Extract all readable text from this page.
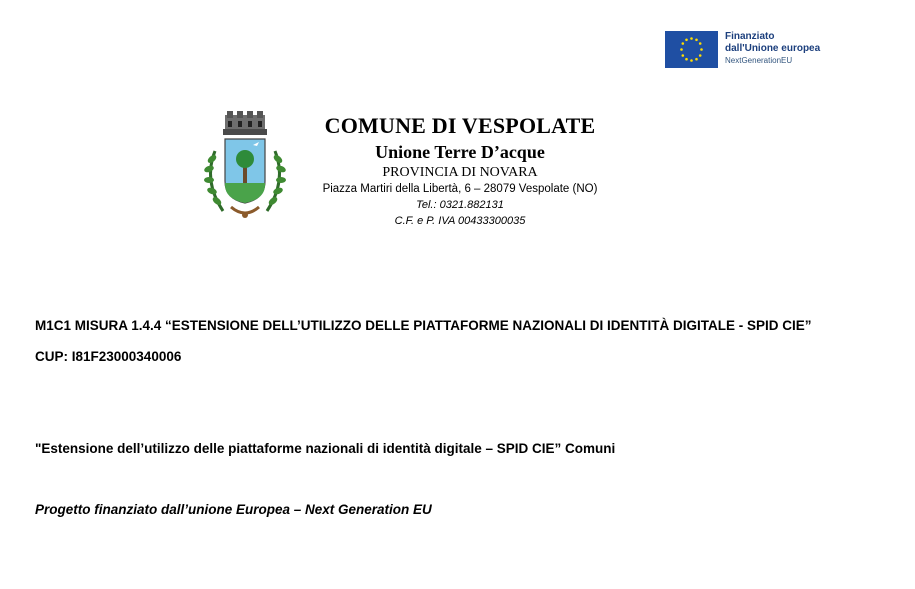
Finanziato
dall'Unione europea
NextGenerationEU
COMUNE DI VESPOLATE
Unione Terre D’acque
PROVINCIA DI NOVARA
Piazza Martiri della Libertà, 6 – 28079 Vespolate (NO)
Tel.: 0321.882131
C.F. e P. IVA 00433300035
M1C1 MISURA 1.4.4 “ESTENSIONE DELL’UTILIZZO DELLE PIATTAFORME NAZIONALI DI IDENTITÀ DIGITALE - SPID CIE”
CUP: I81F23000340006
"Estensione dell’utilizzo delle piattaforme nazionali di identità digitale – SPID CIE” Comuni
Progetto finanziato dall’unione Europea – Next Generation EU
